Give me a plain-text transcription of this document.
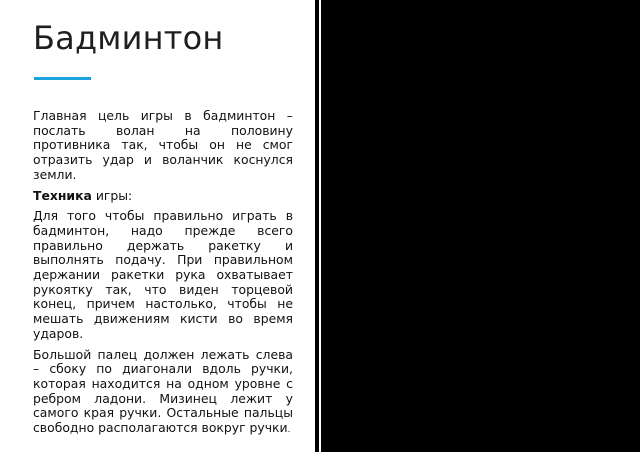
Бадминтон

Главная цель игры в бадминтон – послать волан на половину противника так, чтобы он не смог отразить удар и воланчик коснулся земли.

Техника игры:

Для того чтобы правильно играть в бадминтон, надо прежде всего правильно держать ракетку и выполнять подачу. При правильном держании ракетки рука охватывает рукоятку так, что виден торцевой конец, причем настолько, чтобы не мешать движениям кисти во время ударов.

Большой палец должен лежать слева – сбоку по диагонали вдоль ручки, которая находится на одном уровне с ребром ладони. Мизинец лежит у самого края ручки. Остальные пальцы свободно располагаются вокруг ручки.
